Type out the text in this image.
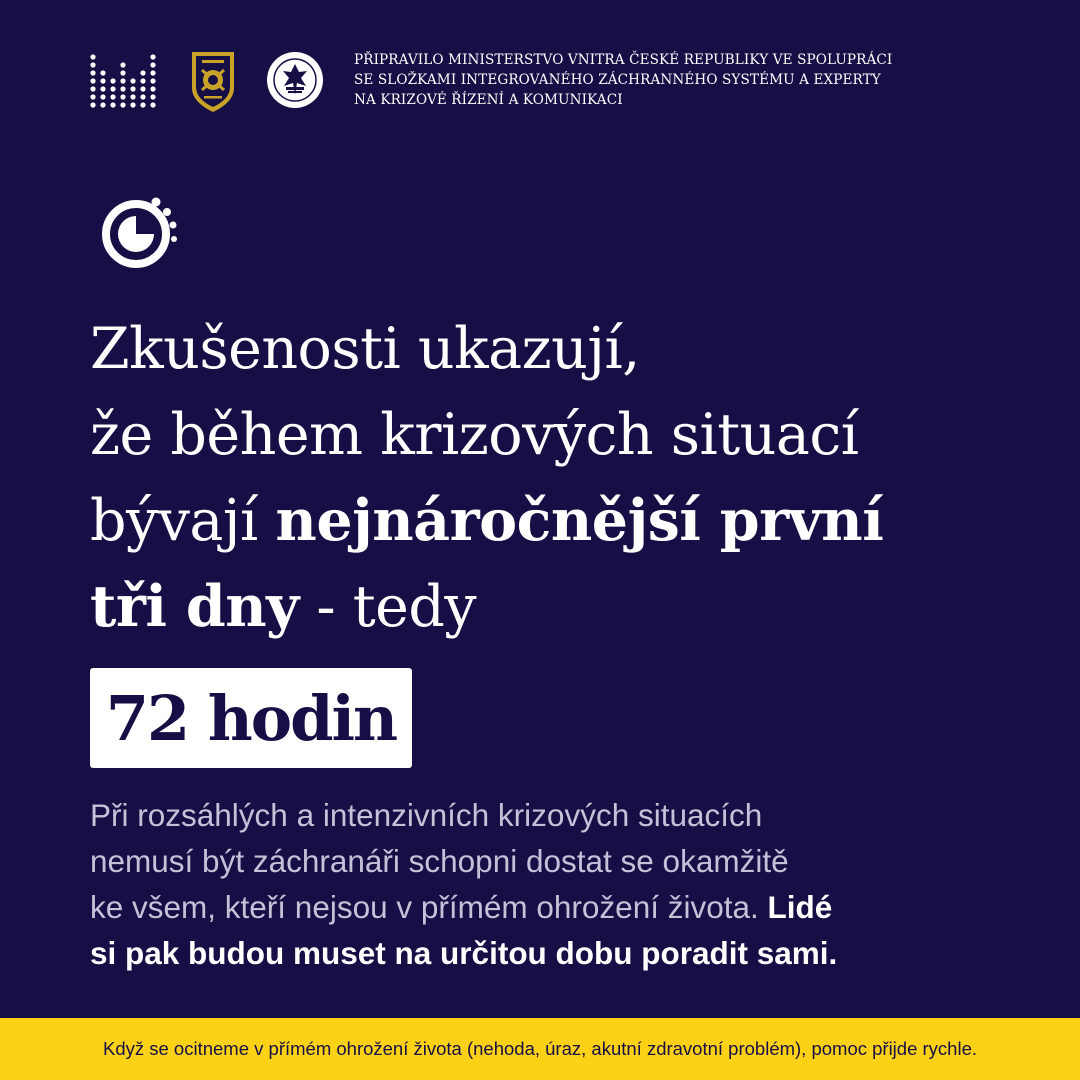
PŘIPRAVILO MINISTERSTVO VNITRA ČESKÉ REPUBLIKY VE SPOLUPRÁCI
SE SLOŽKAMI INTEGROVANÉHO ZÁCHRANNÉHO SYSTÉMU A EXPERTY
NA KRIZOVÉ ŘÍZENÍ A KOMUNIKACI
Zkušenosti ukazují,
že během krizových situací
bývají nejnáročnější první
tři dny - tedy
72 hodin
Při rozsáhlých a intenzivních krizových situacích
nemusí být záchranáři schopni dostat se okamžitě
ke všem, kteří nejsou v přímém ohrožení života. Lidé
si pak budou muset na určitou dobu poradit sami.
Když se ocitneme v přímém ohrožení života (nehoda, úraz, akutní zdravotní problém), pomoc přijde rychle.
